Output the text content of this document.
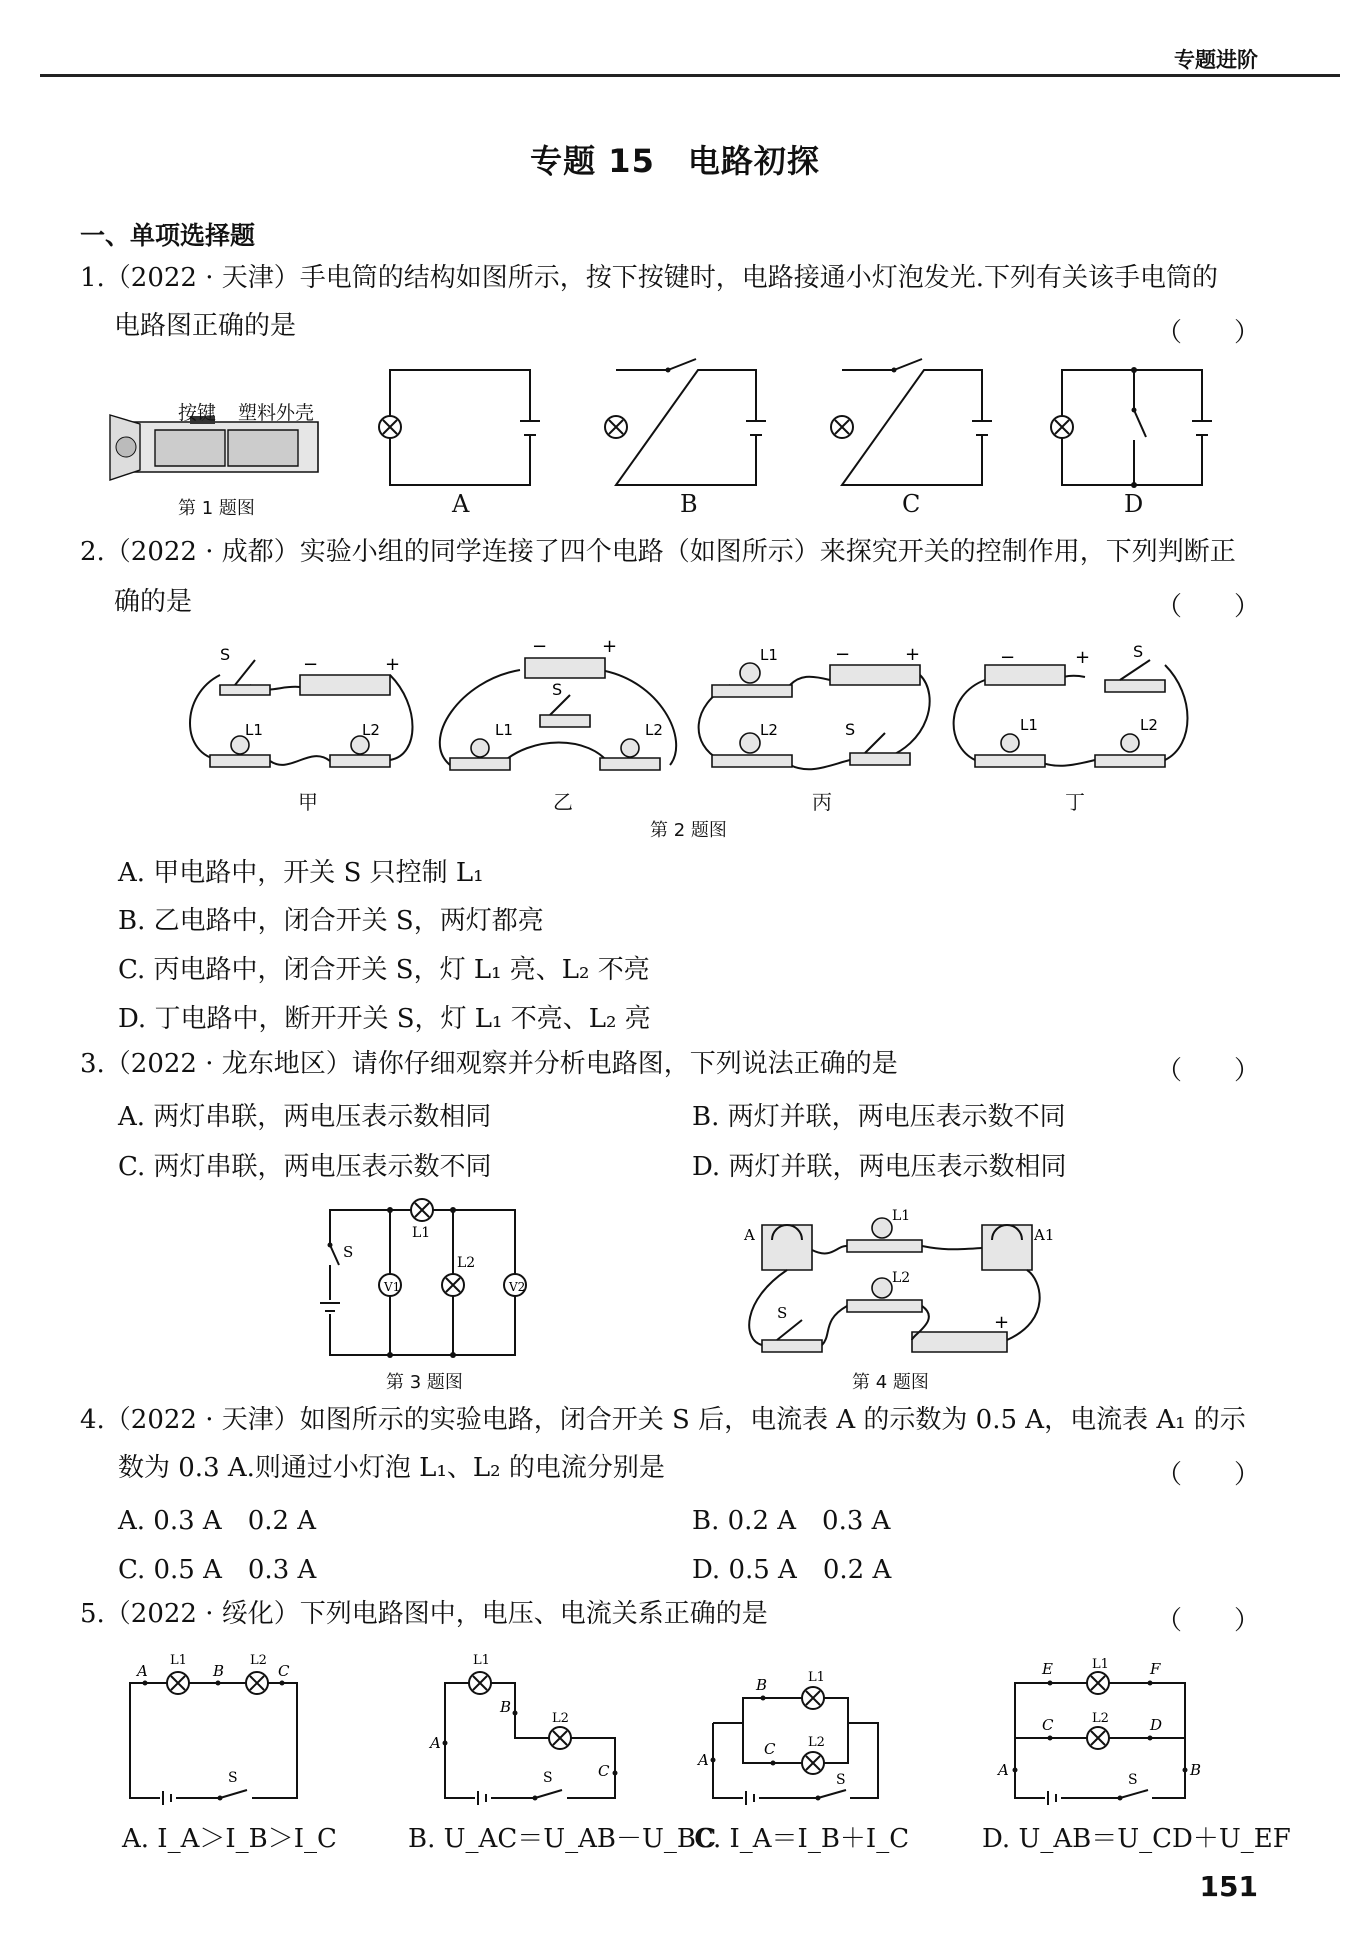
专题进阶
专题 15　电路初探
一、单项选择题
1.（2022 · 天津）手电筒的结构如图所示，按下按键时，电路接通小灯泡发光.下列有关该手电筒的
电路图正确的是	（　　）
按键 塑料外壳
第 1 题图	A	B	C	D
2.（2022 · 成都）实验小组的同学连接了四个电路（如图所示）来探究开关的控制作用，下列判断正
确的是	（　　）
S	−	+
L1	L2
−	+
S
L1	L2
L1
L2	S
−	+	−	+	S
L1	L2
甲	乙	丙	丁
第 2 题图
A. 甲电路中，开关 S 只控制 L₁
B. 乙电路中，闭合开关 S，两灯都亮
C. 丙电路中，闭合开关 S，灯 L₁ 亮、L₂ 不亮
D. 丁电路中，断开开关 S，灯 L₁ 不亮、L₂ 亮
3.（2022 · 龙东地区）请你仔细观察并分析电路图，下列说法正确的是	（　　）
A. 两灯串联，两电压表示数相同	B. 两灯并联，两电压表示数不同
C. 两灯串联，两电压表示数不同	D. 两灯并联，两电压表示数相同
S
L1
L2
V1	V2
第 3 题图
A	A1
L1
L2
S	+
第 4 题图
4.（2022 · 天津）如图所示的实验电路，闭合开关 S 后，电流表 A 的示数为 0.5 A，电流表 A₁ 的示
数为 0.3 A.则通过小灯泡 L₁、L₂ 的电流分别是	（　　）
A. 0.3 A　0.2 A	B. 0.2 A　0.3 A
C. 0.5 A　0.3 A	D. 0.5 A　0.2 A
5.（2022 · 绥化）下列电路图中，电压、电流关系正确的是	（　　）
A	B	C
L1	L2
S
A
B
C
L1
L2
S
A
B
C
L1
L2
S
E	F
C	D
A	B
L1
L2
S
A. I_A＞I_B＞I_C	B. U_AC＝U_AB－U_BC
C. I_A＝I_B＋I_C	D. U_AB＝U_CD＋U_EF
151
